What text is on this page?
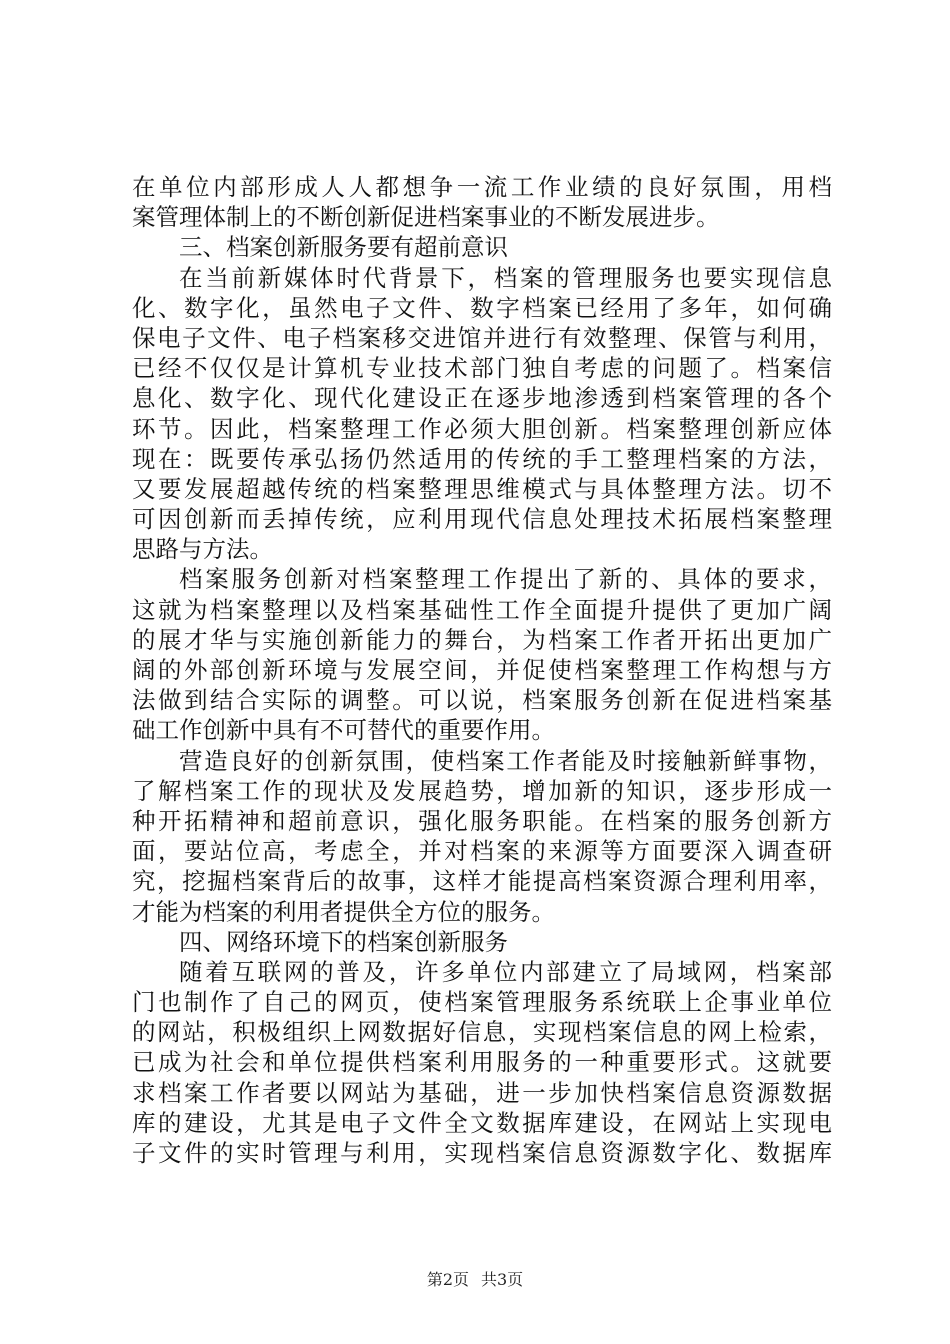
在单位内部形成人人都想争一流工作业绩的良好氛围，用档
案管理体制上的不断创新促进档案事业的不断发展进步。
三、档案创新服务要有超前意识
在当前新媒体时代背景下，档案的管理服务也要实现信息
化、数字化，虽然电子文件、数字档案已经用了多年，如何确
保电子文件、电子档案移交进馆并进行有效整理、保管与利用，
已经不仅仅是计算机专业技术部门独自考虑的问题了。档案信
息化、数字化、现代化建设正在逐步地渗透到档案管理的各个
环节。因此，档案整理工作必须大胆创新。档案整理创新应体
现在：既要传承弘扬仍然适用的传统的手工整理档案的方法，
又要发展超越传统的档案整理思维模式与具体整理方法。切不
可因创新而丢掉传统，应利用现代信息处理技术拓展档案整理
思路与方法。
档案服务创新对档案整理工作提出了新的、具体的要求，
这就为档案整理以及档案基础性工作全面提升提供了更加广阔
的展才华与实施创新能力的舞台，为档案工作者开拓出更加广
阔的外部创新环境与发展空间，并促使档案整理工作构想与方
法做到结合实际的调整。可以说，档案服务创新在促进档案基
础工作创新中具有不可替代的重要作用。
营造良好的创新氛围，使档案工作者能及时接触新鲜事物，
了解档案工作的现状及发展趋势，增加新的知识，逐步形成一
种开拓精神和超前意识，强化服务职能。在档案的服务创新方
面，要站位高，考虑全，并对档案的来源等方面要深入调查研
究，挖掘档案背后的故事，这样才能提高档案资源合理利用率，
才能为档案的利用者提供全方位的服务。
四、网络环境下的档案创新服务
随着互联网的普及，许多单位内部建立了局域网，档案部
门也制作了自己的网页，使档案管理服务系统联上企事业单位
的网站，积极组织上网数据好信息，实现档案信息的网上检索，
已成为社会和单位提供档案利用服务的一种重要形式。这就要
求档案工作者要以网站为基础，进一步加快档案信息资源数据
库的建设，尤其是电子文件全文数据库建设，在网站上实现电
子文件的实时管理与利用，实现档案信息资源数字化、数据库
第2页 共3页
